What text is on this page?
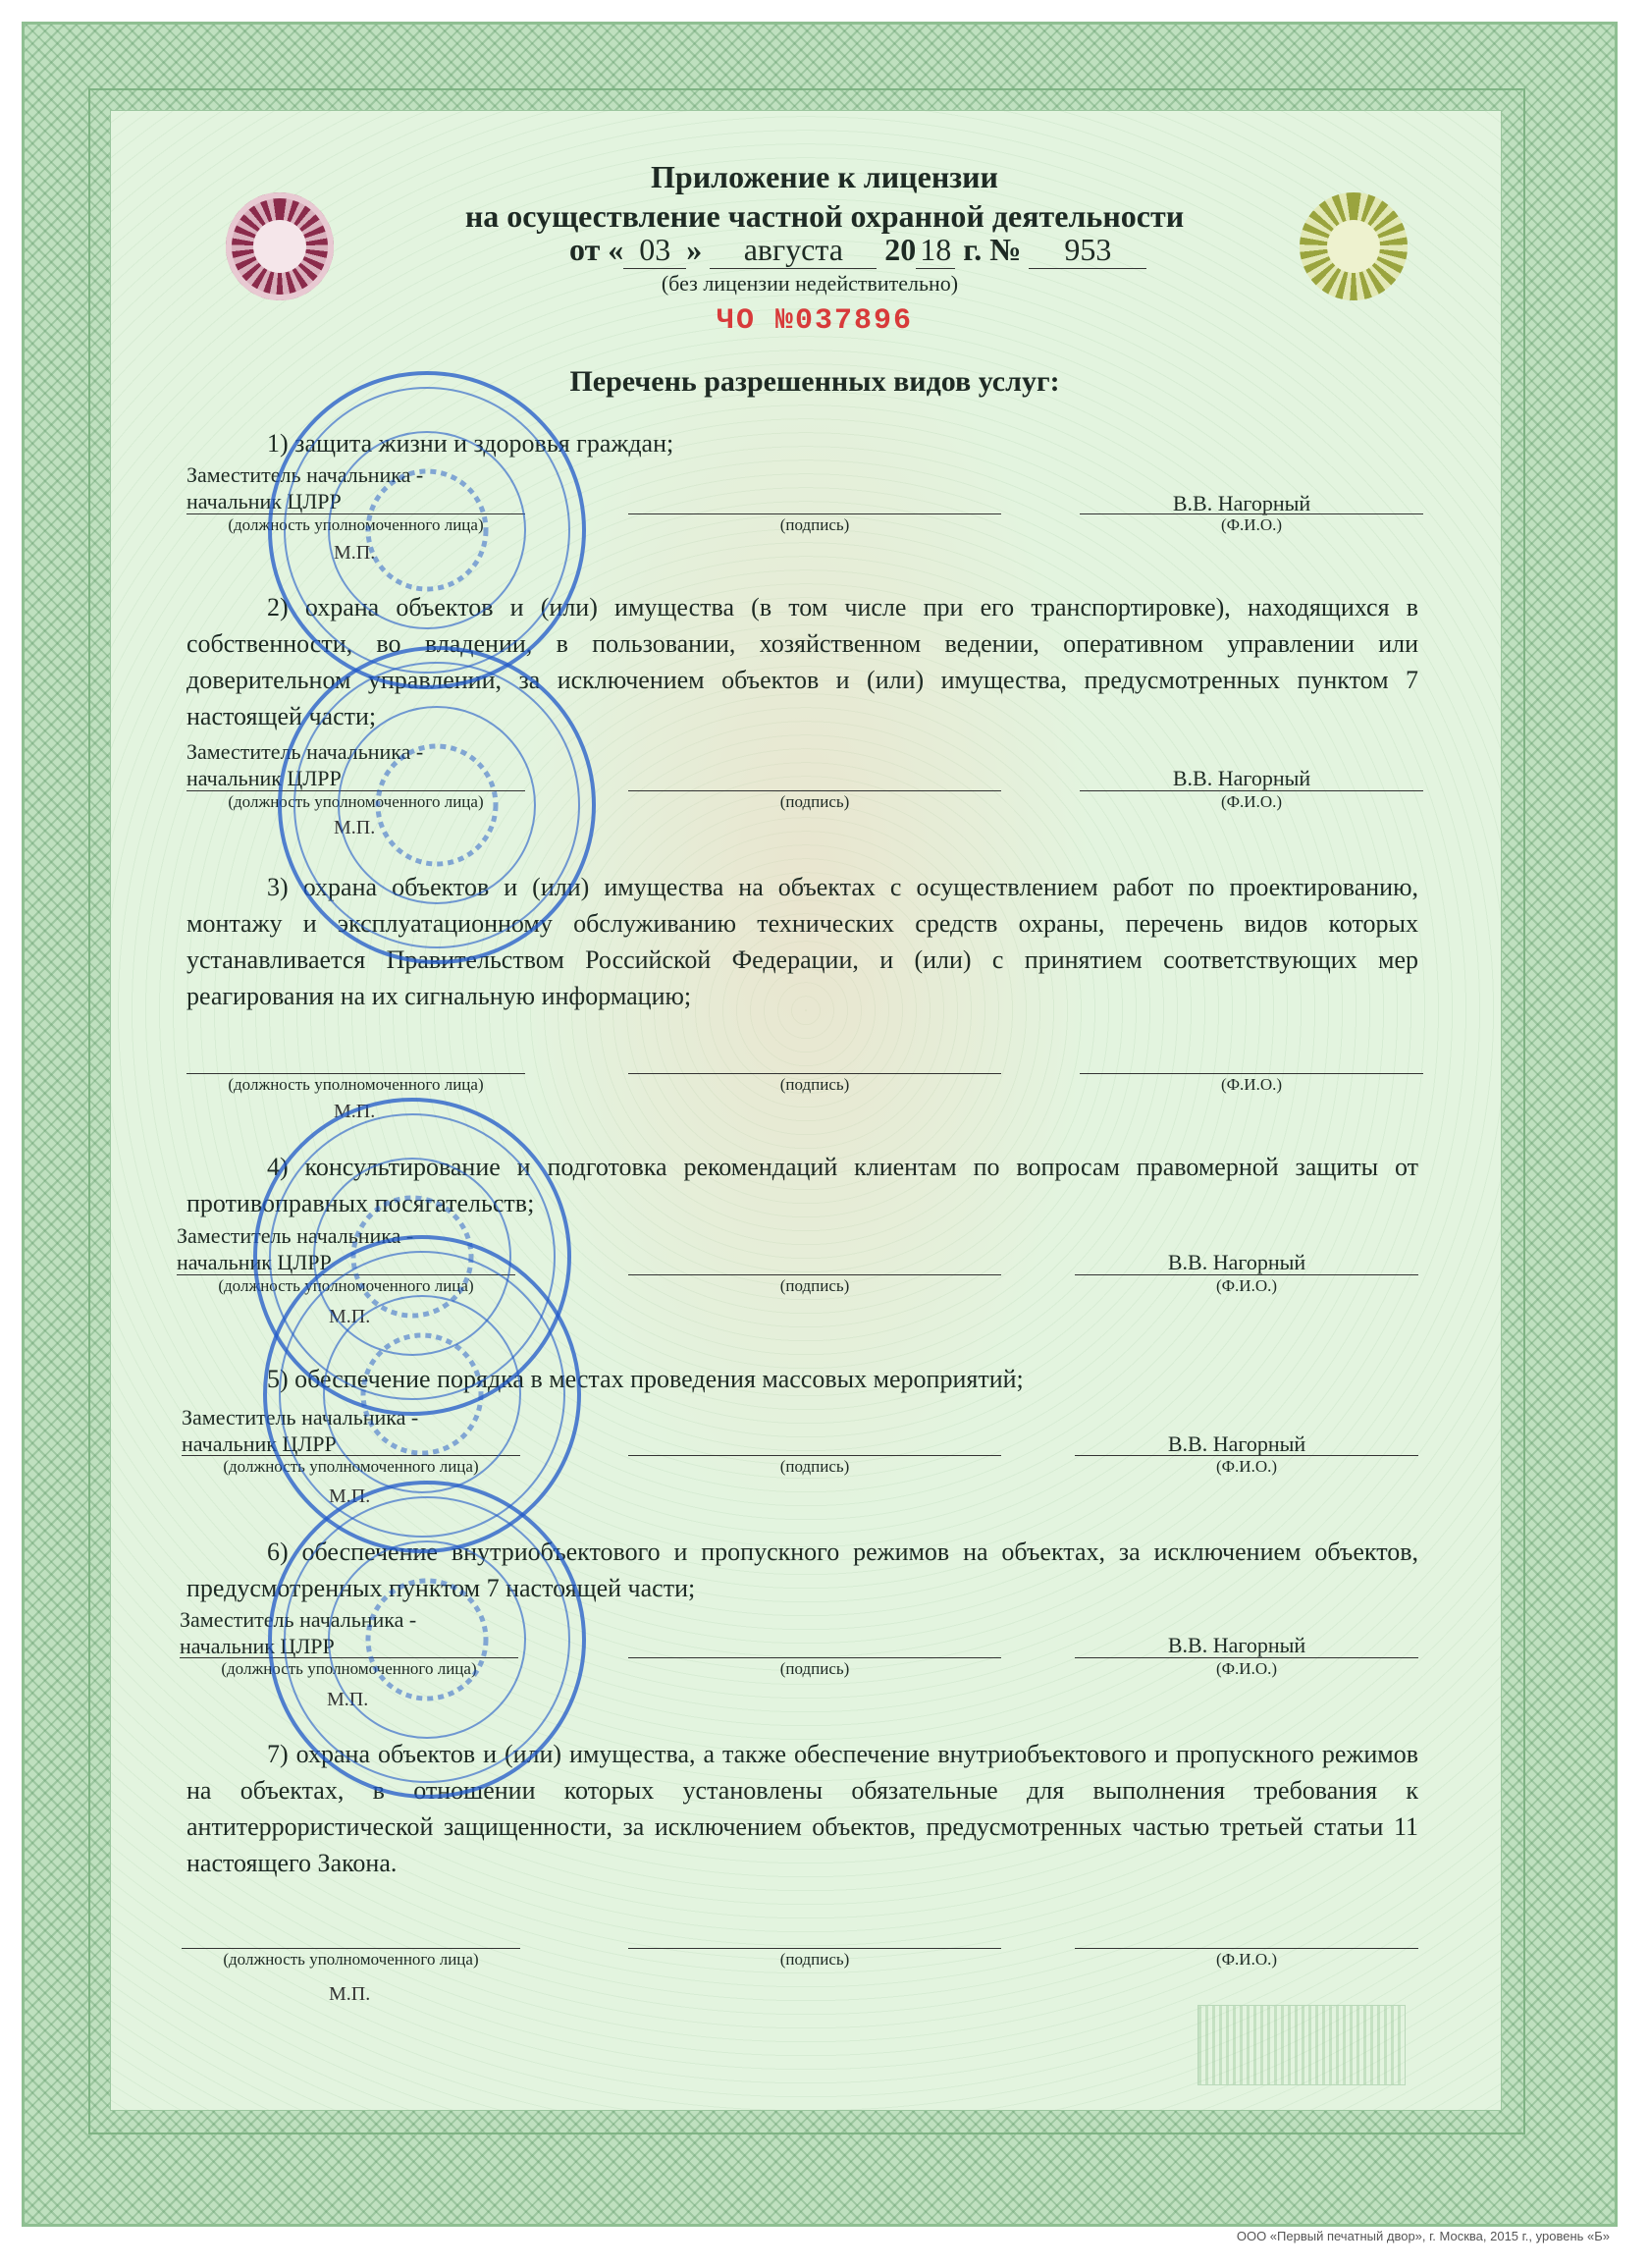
Приложение к лицензии
на осуществление частной охранной деятельности
от « 03 » августа 20 18 г. № 953
(без лицензии недействительно)
ЧО №037896
Перечень разрешенных видов услуг:
1) защита жизни и здоровья граждан;
Заместитель начальника -
начальник ЦЛРР	В.В. Нагорный
(должность уполномоченного лица)	(подпись)	(Ф.И.О.)
М.П.
2) охрана объектов и (или) имущества (в том числе при его транспортировке), находящихся в собственности, во владении, в пользовании, хозяйственном ведении, оперативном управлении или доверительном управлении, за исключением объектов и (или) имущества, предусмотренных пунктом 7 настоящей части;
Заместитель начальника -
начальник ЦЛРР	В.В. Нагорный
(должность уполномоченного лица)	(подпись)	(Ф.И.О.)
М.П.
3) охрана объектов и (или) имущества на объектах с осуществлением работ по проектированию, монтажу и эксплуатационному обслуживанию технических средств охраны, перечень видов которых устанавливается Правительством Российской Федерации, и (или) с принятием соответствующих мер реагирования на их сигнальную информацию;
(должность уполномоченного лица)	(подпись)	(Ф.И.О.)
М.П.
4) консультирование и подготовка рекомендаций клиентам по вопросам правомерной защиты от противоправных посягательств;
Заместитель начальника -
начальник ЦЛРР	В.В. Нагорный
(должность уполномоченного лица)	(подпись)	(Ф.И.О.)
М.П.
5) обеспечение порядка в местах проведения массовых мероприятий;
Заместитель начальника -
начальник ЦЛРР	В.В. Нагорный
(должность уполномоченного лица)	(подпись)	(Ф.И.О.)
М.П.
6) обеспечение внутриобъектового и пропускного режимов на объектах, за исключением объектов, предусмотренных пунктом 7 настоящей части;
Заместитель начальника -
начальник ЦЛРР	В.В. Нагорный
(должность уполномоченного лица)	(подпись)	(Ф.И.О.)
М.П.
7) охрана объектов и (или) имущества, а также обеспечение внутриобъектового и пропускного режимов на объектах, в отношении которых установлены обязательные для выполнения требования к антитеррористической защищенности, за исключением объектов, предусмотренных частью третьей статьи 11 настоящего Закона.
(должность уполномоченного лица)	(подпись)	(Ф.И.О.)
М.П.

ООО «Первый печатный двор», г. Москва, 2015 г., уровень «Б»
